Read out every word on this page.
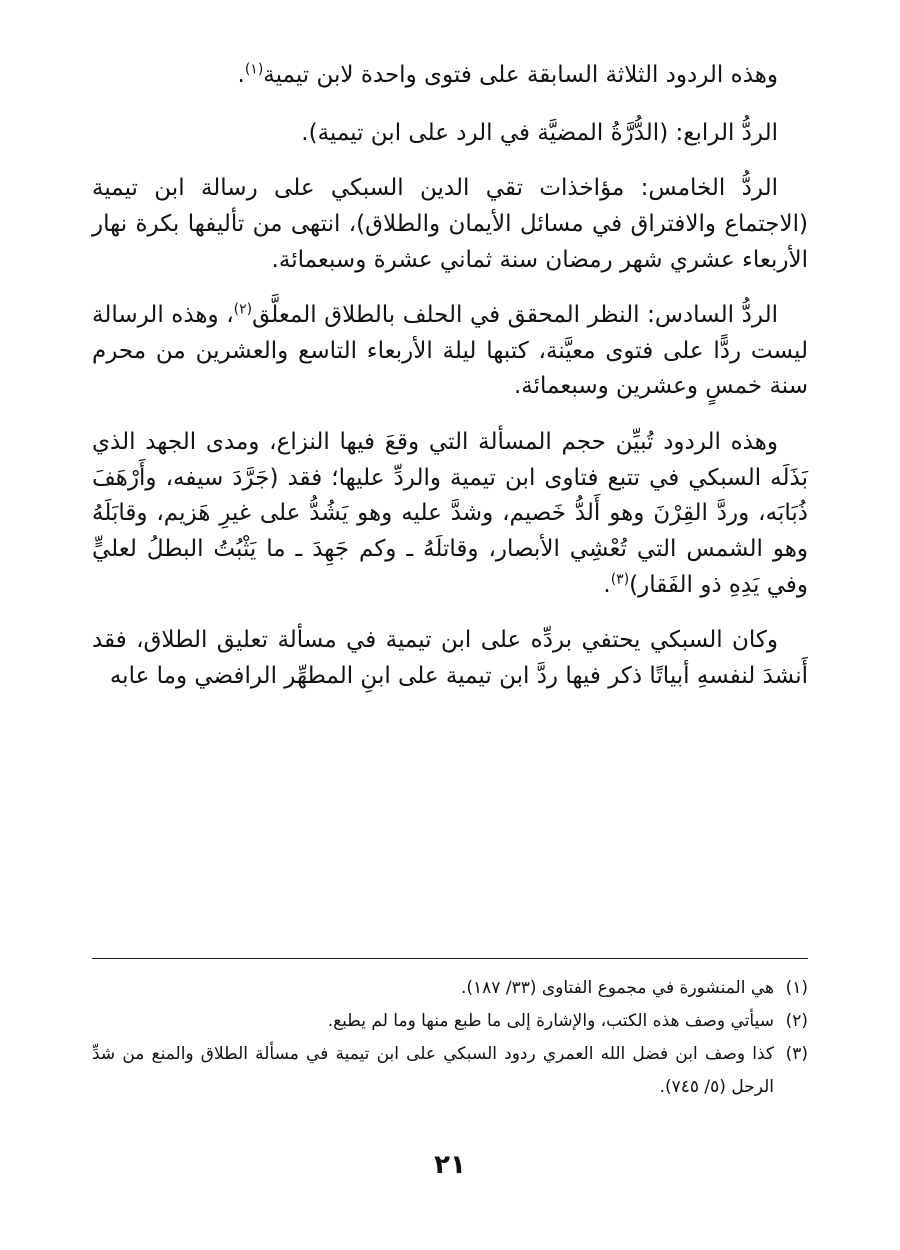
وهذه الردود الثلاثة السابقة على فتوى واحدة لابن تيمية$^{(١)}$.

الردُّ الرابع: (الدُّرَّةُ المضيَّة في الرد على ابن تيمية).

الردُّ الخامس: مؤاخذات تقي الدين السبكي على رسالة ابن تيمية (الاجتماع والافتراق في مسائل الأيمان والطلاق)، انتهى من تأليفها بكرة نهار الأربعاء عشري شهر رمضان سنة ثماني عشرة وسبعمائة.

الردُّ السادس: النظر المحقق في الحلف بالطلاق المعلَّق$^{(٢)}$، وهذه الرسالة ليست ردًّا على فتوى معيَّنة، كتبها ليلة الأربعاء التاسع والعشرين من محرم سنة خمسٍ وعشرين وسبعمائة.

وهذه الردود تُبيِّن حجم المسألة التي وقعَ فيها النزاع، ومدى الجهد الذي بَذَلَه السبكي في تتبع فتاوى ابن تيمية والردِّ عليها؛ فقد (جَرَّدَ سيفه، وأَرْهَفَ ذُبَابَه، وردَّ القِرْنَ وهو أَلدُّ خَصيم، وشدَّ عليه وهو يَشُدُّ على غيرِ هَزيم، وقابَلَهُ وهو الشمس التي تُعْشِي الأبصار، وقاتلَهُ ـ وكم جَهِدَ ـ ما يَثْبُتُ البطلُ لعليٍّ وفي يَدِهِ ذو الفَقار)$^{(٣)}$.

وكان السبكي يحتفي بردِّه على ابن تيمية في مسألة تعليق الطلاق، فقد أَنشدَ لنفسهِ أبياتًا ذكر فيها ردَّ ابن تيمية على ابنِ المطهِّر الرافضي وما عابه

(١)
هي المنشورة في مجموع الفتاوى (٣٣/ ١٨٧).
(٢)
سيأتي وصف هذه الكتب، والإشارة إلى ما طبع منها وما لم يطبع.
(٣)
كذا وصف ابن فضل الله العمري ردود السبكي على ابن تيمية في مسألة الطلاق والمنع من شدِّ الرحل (٥/ ٧٤٥).
٢١
